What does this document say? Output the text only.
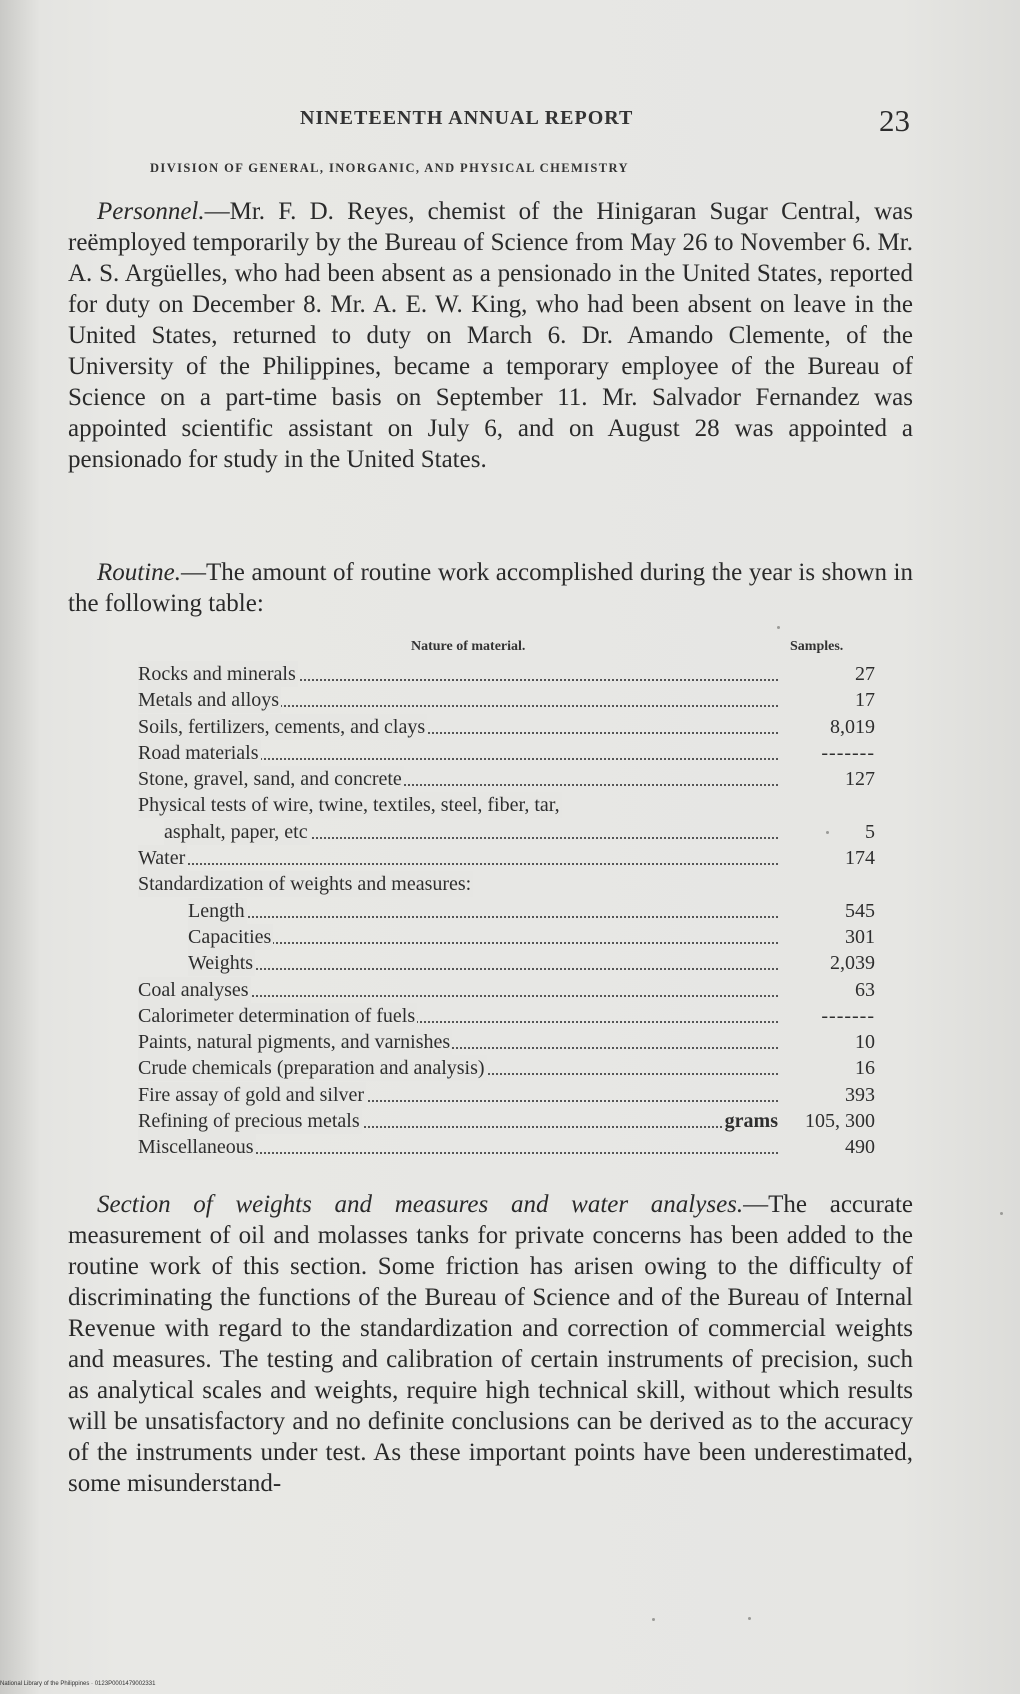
NINETEENTH ANNUAL REPORT	23
DIVISION OF GENERAL, INORGANIC, AND PHYSICAL CHEMISTRY

Personnel.—Mr. F. D. Reyes, chemist of the Hinigaran Sugar Central, was reëmployed temporarily by the Bureau of Science from May 26 to November 6. Mr. A. S. Argüelles, who had been absent as a pensionado in the United States, reported for duty on December 8. Mr. A. E. W. King, who had been absent on leave in the United States, returned to duty on March 6. Dr. Amando Clemente, of the University of the Philippines, became a temporary employee of the Bureau of Science on a part-time basis on September 11. Mr. Salvador Fernandez was appointed scientific assistant on July 6, and on August 28 was appointed a pensionado for study in the United States.

Routine.—The amount of routine work accomplished during the year is shown in the following table:

Nature of material.	Samples.
Rocks and minerals	27
Metals and alloys	17
Soils, fertilizers, cements, and clays	8,019
Road materials	-------
Stone, gravel, sand, and concrete	127
Physical tests of wire, twine, textiles, steel, fiber, tar,
asphalt, paper, etc	5
Water	174
Standardization of weights and measures:
Length	545
Capacities	301
Weights	2,039
Coal analyses	63
Calorimeter determination of fuels	-------
Paints, natural pigments, and varnishes	10
Crude chemicals (preparation and analysis)	16
Fire assay of gold and silver	393
Refining of precious metals	grams	105, 300
Miscellaneous	490

Section of weights and measures and water analyses.—The accurate measurement of oil and molasses tanks for private concerns has been added to the routine work of this section. Some friction has arisen owing to the difficulty of discriminating the functions of the Bureau of Science and of the Bureau of Internal Revenue with regard to the standardization and correction of commercial weights and measures. The testing and calibration of certain instruments of precision, such as analytical scales and weights, require high technical skill, without which results will be unsatisfactory and no definite conclusions can be derived as to the accuracy of the instruments under test. As these important points have been underestimated, some misunderstand-

National Library of the Philippines · 0123P0001479002331
